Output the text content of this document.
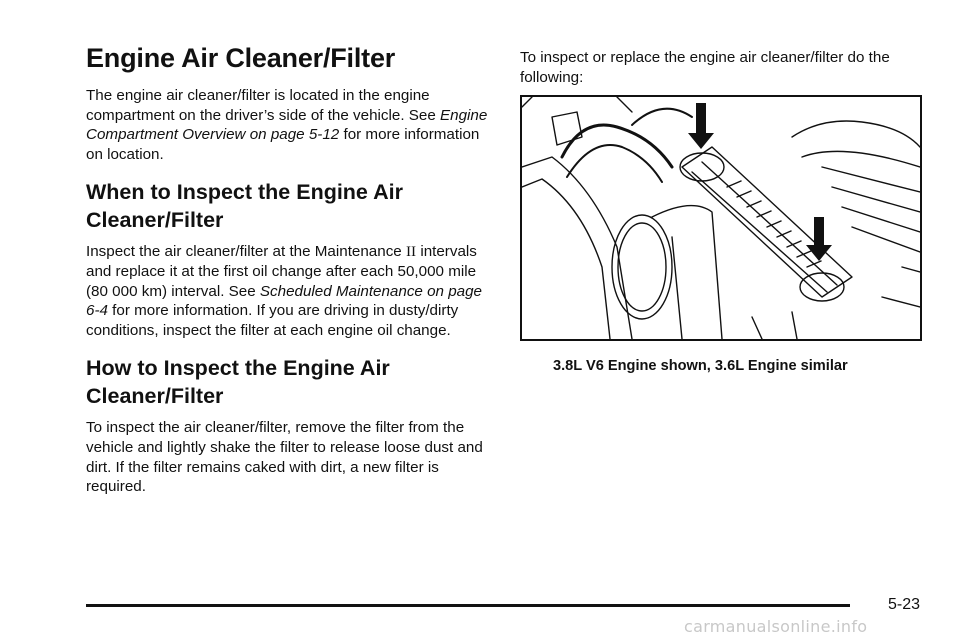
Engine Air Cleaner/Filter

The engine air cleaner/filter is located in the engine compartment on the driver’s side of the vehicle. See Engine Compartment Overview on page 5-12 for more information on location.

When to Inspect the Engine Air Cleaner/Filter

Inspect the air cleaner/filter at the Maintenance II intervals and replace it at the first oil change after each 50,000 mile (80 000 km) interval. See Scheduled Maintenance on page 6-4 for more information. If you are driving in dusty/dirty conditions, inspect the filter at each engine oil change.

How to Inspect the Engine Air Cleaner/Filter

To inspect the air cleaner/filter, remove the filter from the vehicle and lightly shake the filter to release loose dust and dirt. If the filter remains caked with dirt, a new filter is required.

To inspect or replace the engine air cleaner/filter do the following:

3.8L V6 Engine shown, 3.6L Engine similar
5-23
carmanualsonline.info
